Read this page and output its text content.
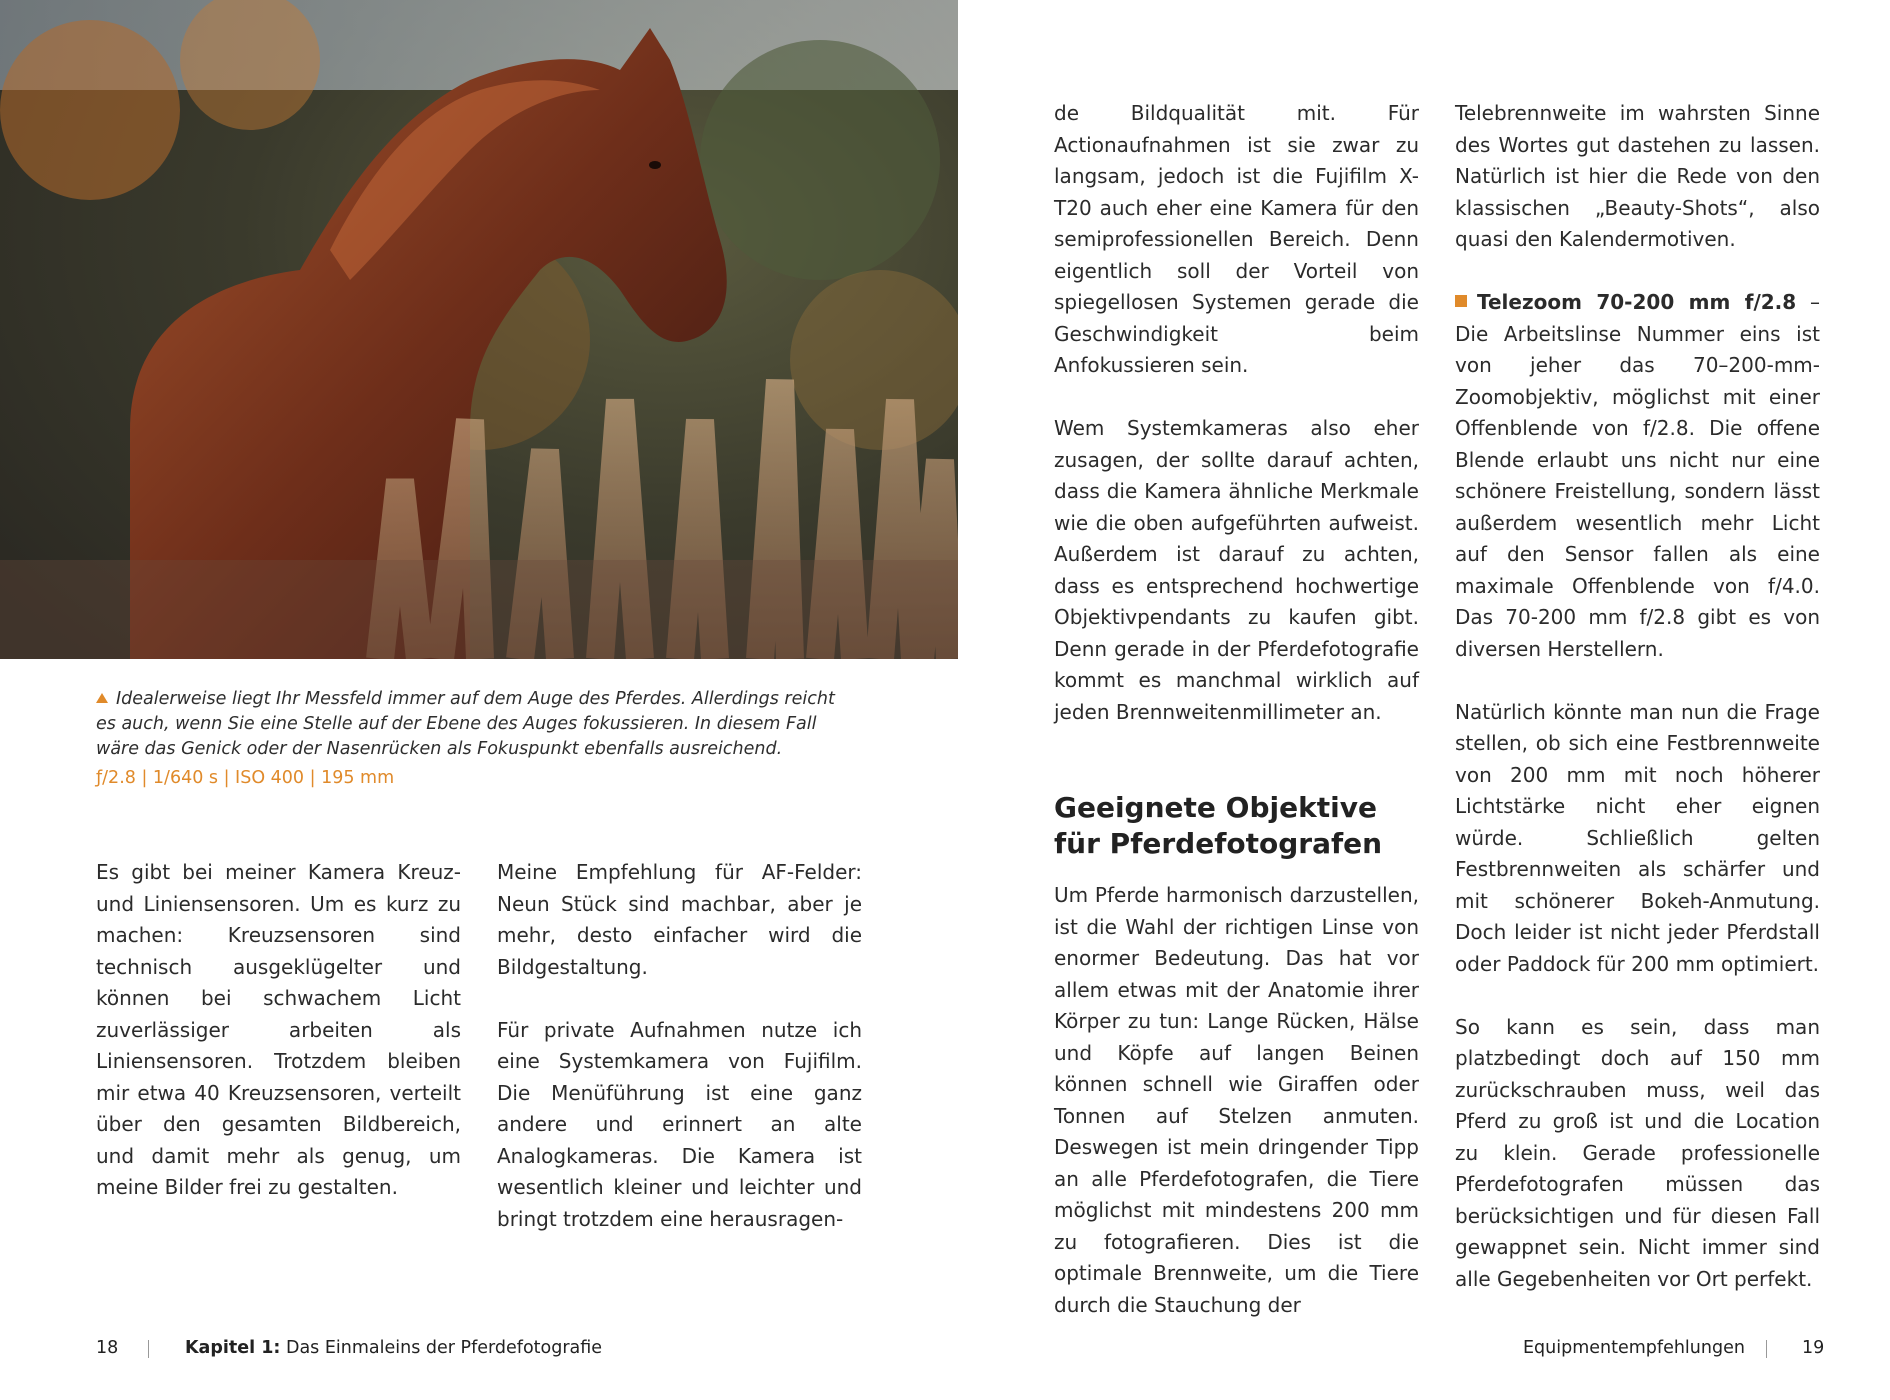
Idealerweise liegt Ihr Messfeld immer auf dem Auge des Pferdes. Allerdings reicht es auch, wenn Sie eine Stelle auf der Ebene des Auges fokussieren. In diesem Fall wäre das Genick oder der Nasenrücken als Fokuspunkt ebenfalls ausreichend.
ƒ/2.8 | 1/640 s | ISO 400 | 195 mm

Es gibt bei meiner Kamera Kreuz- und Liniensensoren. Um es kurz zu machen: Kreuzsensoren sind technisch ausgeklügelter und können bei schwachem Licht zuverlässiger arbeiten als Liniensensoren. Trotzdem bleiben mir etwa 40 Kreuzsensoren, verteilt über den gesamten Bildbereich, und damit mehr als genug, um meine Bilder frei zu gestalten.

Meine Empfehlung für AF-Felder: Neun Stück sind machbar, aber je mehr, desto einfacher wird die Bildgestaltung.

Für private Aufnahmen nutze ich eine Systemkamera von Fujifilm. Die Menüführung ist eine ganz andere und erinnert an alte Analogkameras. Die Kamera ist wesentlich kleiner und leichter und bringt trotzdem eine herausragen-

de Bildqualität mit. Für Actionaufnahmen ist sie zwar zu langsam, jedoch ist die Fujifilm X-T20 auch eher eine Kamera für den semiprofessionellen Bereich. Denn eigentlich soll der Vorteil von spiegellosen Systemen gerade die Geschwindigkeit beim Anfokussieren sein.

Wem Systemkameras also eher zusagen, der sollte darauf achten, dass die Kamera ähnliche Merkmale wie die oben aufgeführten aufweist. Außerdem ist darauf zu achten, dass es entsprechend hochwertige Objektivpendants zu kaufen gibt. Denn gerade in der Pferdefotografie kommt es manchmal wirklich auf jeden Brennweitenmillimeter an.

Geeignete Objektive
für Pferdefotografen

Um Pferde harmonisch darzustellen, ist die Wahl der richtigen Linse von enormer Bedeutung. Das hat vor allem etwas mit der Anatomie ihrer Körper zu tun: Lange Rücken, Hälse und Köpfe auf langen Beinen können schnell wie Giraffen oder Tonnen auf Stelzen anmuten. Deswegen ist mein dringender Tipp an alle Pferdefotografen, die Tiere möglichst mit mindestens 200 mm zu fotografieren. Dies ist die optimale Brennweite, um die Tiere durch die Stauchung der

Telebrennweite im wahrsten Sinne des Wortes gut dastehen zu lassen. Natürlich ist hier die Rede von den klassischen „Beauty-Shots“, also quasi den Kalendermotiven.

Telezoom 70-200 mm f/2.8 – Die Arbeitslinse Nummer eins ist von jeher das 70–200-mm-Zoomobjektiv, möglichst mit einer Offenblende von f/2.8. Die offene Blende erlaubt uns nicht nur eine schönere Freistellung, sondern lässt außerdem wesentlich mehr Licht auf den Sensor fallen als eine maximale Offenblende von f/4.0. Das 70-200 mm f/2.8 gibt es von diversen Herstellern.

Natürlich könnte man nun die Frage stellen, ob sich eine Festbrennweite von 200 mm mit noch höherer Lichtstärke nicht eher eignen würde. Schließlich gelten Festbrennweiten als schärfer und mit schönerer Bokeh-Anmutung. Doch leider ist nicht jeder Pferdstall oder Paddock für 200 mm optimiert.

So kann es sein, dass man platzbedingt doch auf 150 mm zurückschrauben muss, weil das Pferd zu groß ist und die Location zu klein. Gerade professionelle Pferdefotografen müssen das berücksichtigen und für diesen Fall gewappnet sein. Nicht immer sind alle Gegebenheiten vor Ort perfekt.

18	Kapitel 1: Das Einmaleins der Pferdefotografie	Equipmentempfehlungen	19
